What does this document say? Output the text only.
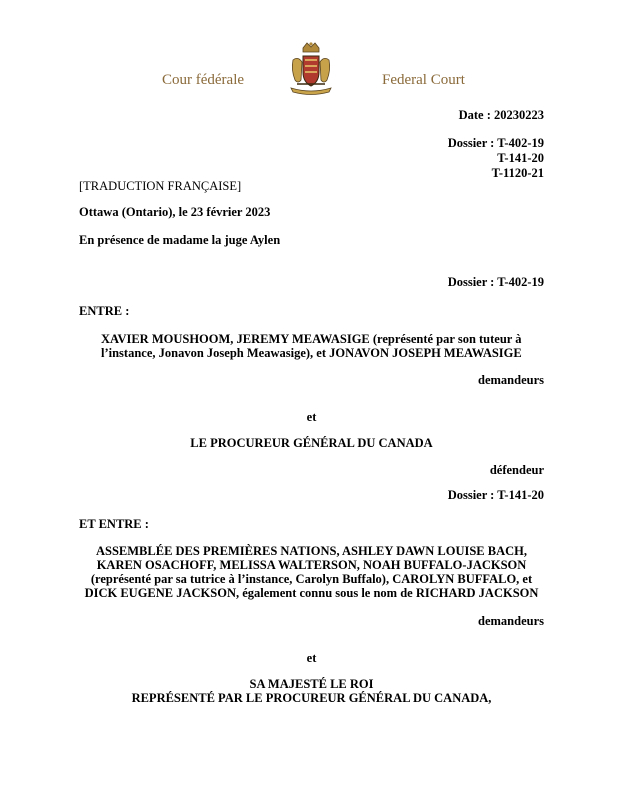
Cour fédérale	Federal Court
Date : 20230223
Dossier : T-402-19
T-141-20
T-1120-21
[TRADUCTION FRANÇAISE]
Ottawa (Ontario), le 23 février 2023
En présence de madame la juge Aylen
Dossier : T-402-19
ENTRE :
XAVIER MOUSHOOM, JEREMY MEAWASIGE (représenté par son tuteur à
l’instance, Jonavon Joseph Meawasige), et JONAVON JOSEPH MEAWASIGE
demandeurs
et
LE PROCUREUR GÉNÉRAL DU CANADA
défendeur
Dossier : T-141-20
ET ENTRE :
ASSEMBLÉE DES PREMIÈRES NATIONS, ASHLEY DAWN LOUISE BACH,
KAREN OSACHOFF, MELISSA WALTERSON, NOAH BUFFALO-JACKSON
(représenté par sa tutrice à l’instance, Carolyn Buffalo), CAROLYN BUFFALO, et
DICK EUGENE JACKSON, également connu sous le nom de RICHARD JACKSON
demandeurs
et
SA MAJESTÉ LE ROI
REPRÉSENTÉ PAR LE PROCUREUR GÉNÉRAL DU CANADA,
